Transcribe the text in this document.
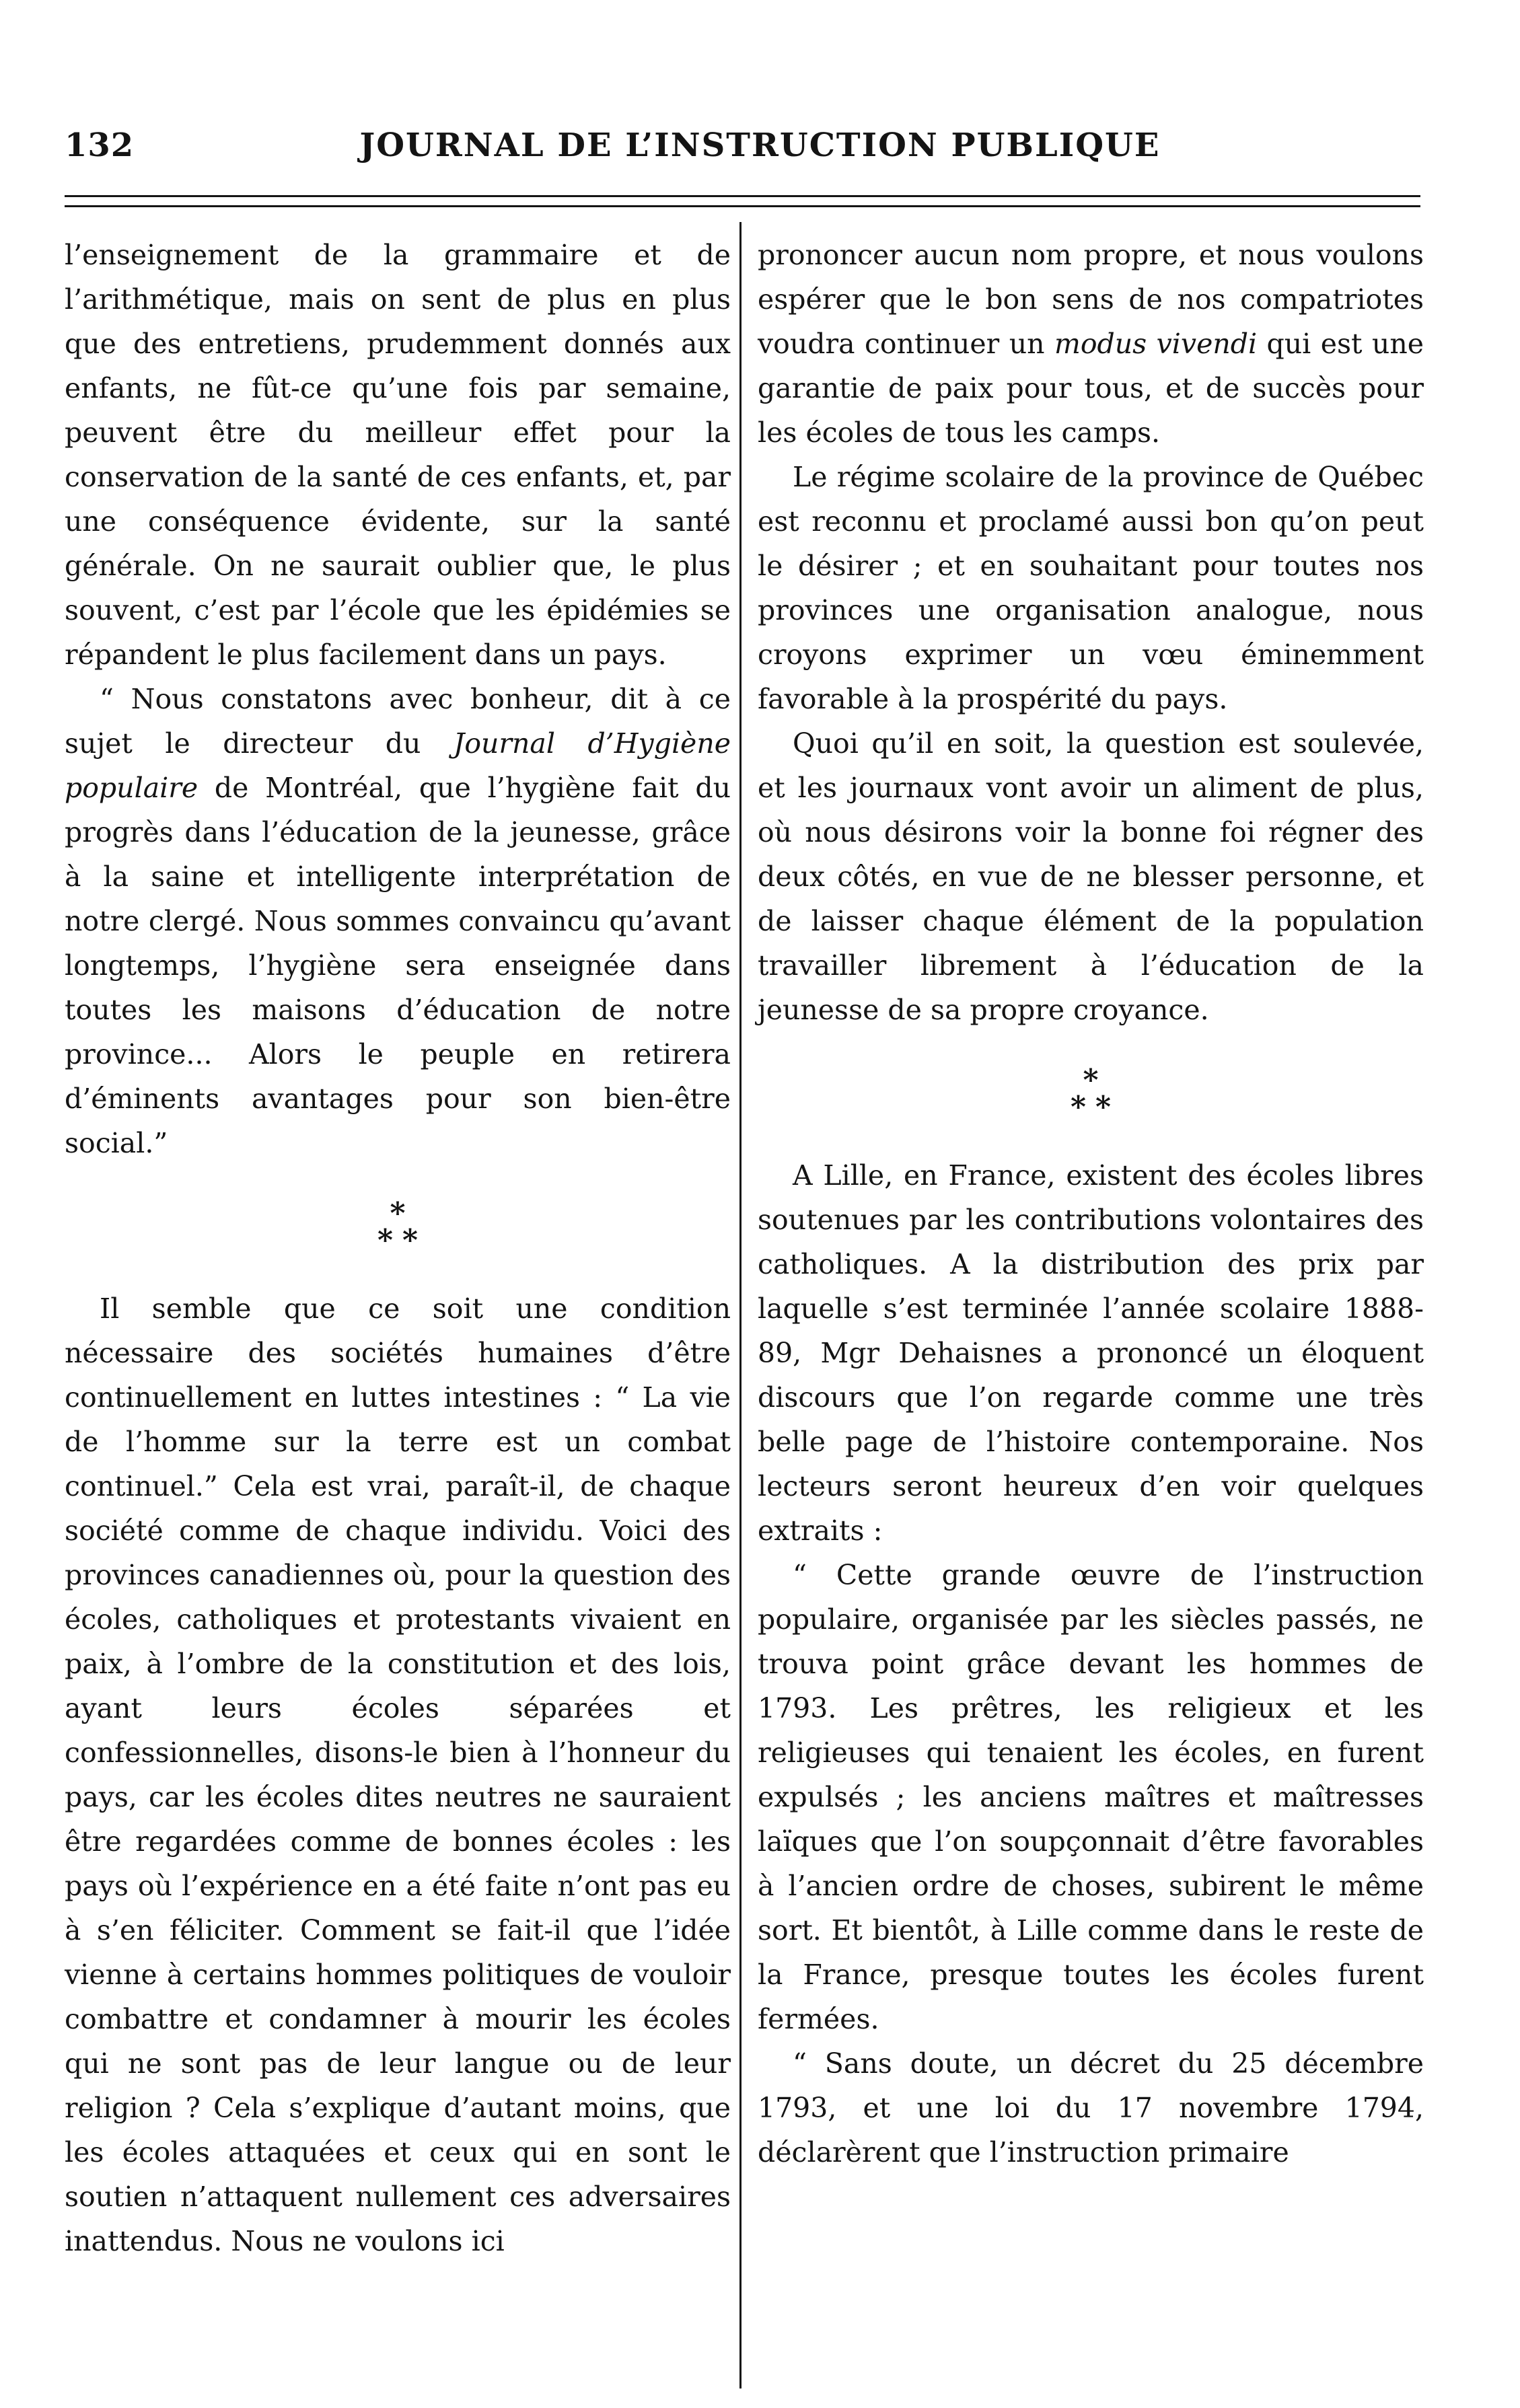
132	JOURNAL DE L’INSTRUCTION PUBLIQUE

l’enseignement de la grammaire et de l’arithmétique, mais on sent de plus en plus que des entretiens, prudemment donnés aux enfants, ne fût-ce qu’une fois par semaine, peuvent être du meilleur effet pour la conservation de la santé de ces enfants, et, par une conséquence évidente, sur la santé générale. On ne saurait oublier que, le plus souvent, c’est par l’école que les épidémies se répandent le plus facilement dans un pays.

“ Nous constatons avec bonheur, dit à ce sujet le directeur du Journal d’Hygiène populaire de Montréal, que l’hygiène fait du progrès dans l’éducation de la jeunesse, grâce à la saine et intelligente interprétation de notre clergé. Nous sommes convaincu qu’avant longtemps, l’hygiène sera enseignée dans toutes les maisons d’éducation de notre province... Alors le peuple en retirera d’éminents avantages pour son bien-être social.”

*
**

Il semble que ce soit une condition nécessaire des sociétés humaines d’être continuellement en luttes intestines : “ La vie de l’homme sur la terre est un combat continuel.” Cela est vrai, paraît-il, de chaque société comme de chaque individu. Voici des provinces canadiennes où, pour la question des écoles, catholiques et protestants vivaient en paix, à l’ombre de la constitution et des lois, ayant leurs écoles séparées et confessionnelles, disons-le bien à l’honneur du pays, car les écoles dites neutres ne sauraient être regardées comme de bonnes écoles : les pays où l’expérience en a été faite n’ont pas eu à s’en féliciter. Comment se fait-il que l’idée vienne à certains hommes politiques de vouloir combattre et condamner à mourir les écoles qui ne sont pas de leur langue ou de leur religion ? Cela s’explique d’autant moins, que les écoles attaquées et ceux qui en sont le soutien n’attaquent nullement ces adversaires inattendus. Nous ne voulons ici

prononcer aucun nom propre, et nous voulons espérer que le bon sens de nos compatriotes voudra continuer un modus vivendi qui est une garantie de paix pour tous, et de succès pour les écoles de tous les camps.

Le régime scolaire de la province de Québec est reconnu et proclamé aussi bon qu’on peut le désirer ; et en souhaitant pour toutes nos provinces une organisation analogue, nous croyons exprimer un vœu éminemment favorable à la prospérité du pays.

Quoi qu’il en soit, la question est soulevée, et les journaux vont avoir un aliment de plus, où nous désirons voir la bonne foi régner des deux côtés, en vue de ne blesser personne, et de laisser chaque élément de la population travailler librement à l’éducation de la jeunesse de sa propre croyance.

*
**

A Lille, en France, existent des écoles libres soutenues par les contributions volontaires des catholiques. A la distribution des prix par laquelle s’est terminée l’année scolaire 1888-89, Mgr Dehaisnes a prononcé un éloquent discours que l’on regarde comme une très belle page de l’histoire contemporaine. Nos lecteurs seront heureux d’en voir quelques extraits :

“ Cette grande œuvre de l’instruction populaire, organisée par les siècles passés, ne trouva point grâce devant les hommes de 1793. Les prêtres, les religieux et les religieuses qui tenaient les écoles, en furent expulsés ; les anciens maîtres et maîtresses laïques que l’on soupçonnait d’être favorables à l’ancien ordre de choses, subirent le même sort. Et bientôt, à Lille comme dans le reste de la France, presque toutes les écoles furent fermées.

“ Sans doute, un décret du 25 décembre 1793, et une loi du 17 novembre 1794, déclarèrent que l’instruction primaire
